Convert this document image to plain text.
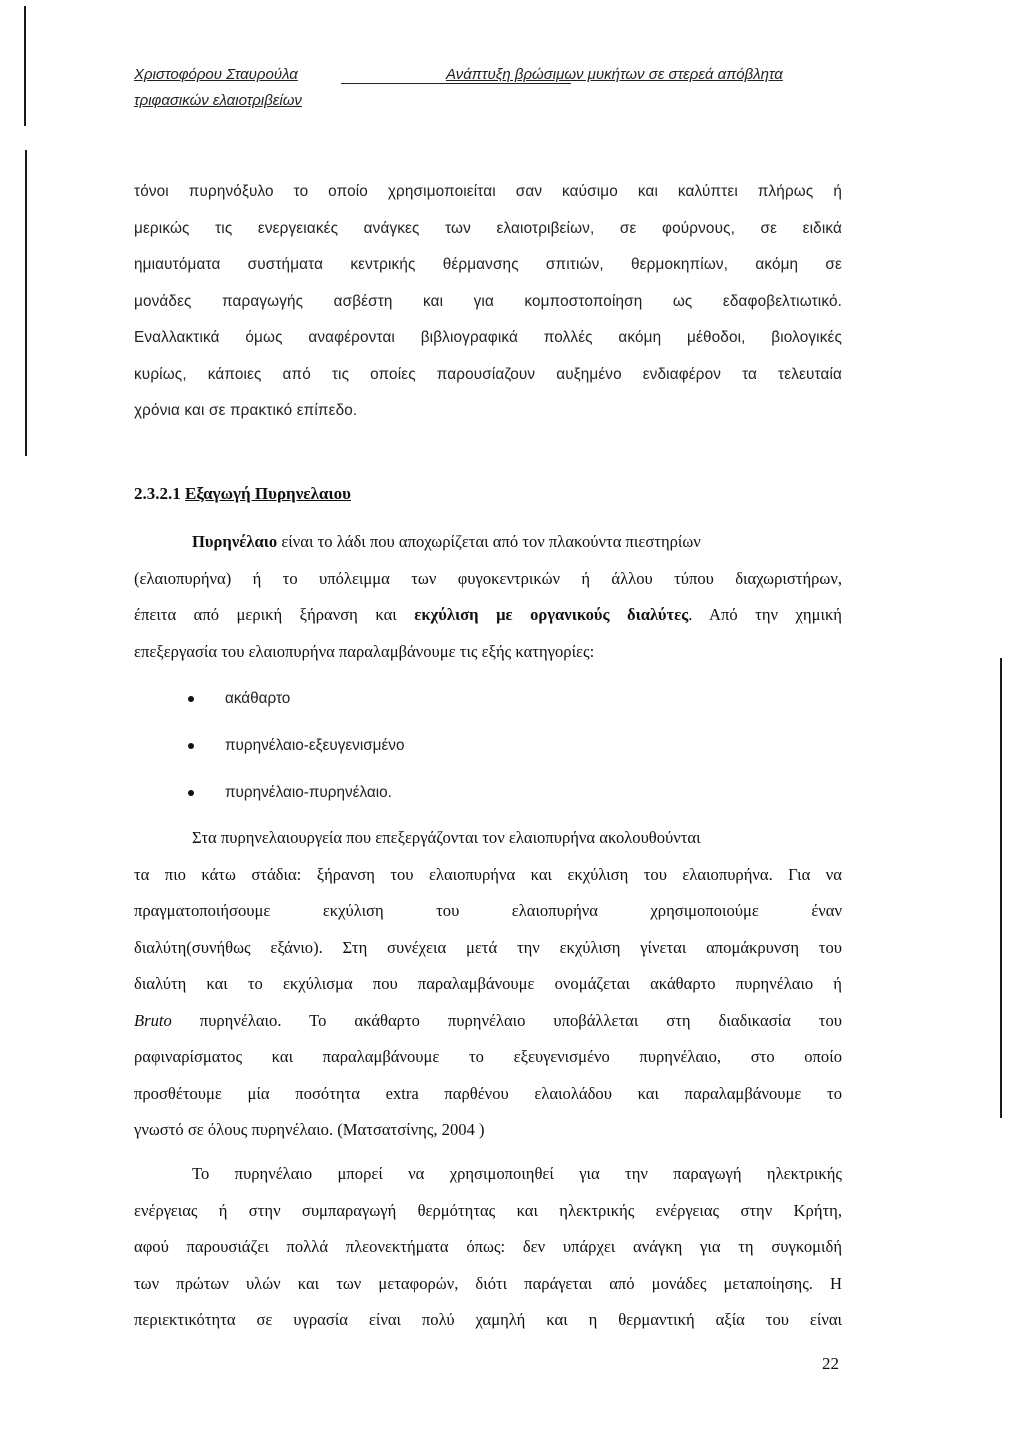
Χριστοφόρου Σταυρούλα	Ανάπτυξη βρώσιμων μυκήτων σε στερεά απόβλητα
τριφασικών ελαιοτριβείων
τόνοι πυρηνόξυλο το οποίο χρησιμοποιείται σαν καύσιμο και καλύπτει πλήρως ή
μερικώς τις ενεργειακές ανάγκες των ελαιοτριβείων, σε φούρνους, σε ειδικά
ημιαυτόματα συστήματα κεντρικής θέρμανσης σπιτιών, θερμοκηπίων, ακόμη σε
μονάδες παραγωγής ασβέστη και για κομποστοποίηση ως εδαφοβελτιωτικό.
Εναλλακτικά όμως αναφέρονται βιβλιογραφικά πολλές ακόμη μέθοδοι, βιολογικές
κυρίως, κάποιες από τις οποίες παρουσίαζουν αυξημένο ενδιαφέρον τα τελευταία
χρόνια και σε πρακτικό επίπεδο.
2.3.2.1 Εξαγωγή Πυρηνελαιου
Πυρηνέλαιο είναι το λάδι που αποχωρίζεται από τον πλακούντα πιεστηρίων
(ελαιοπυρήνα) ή το υπόλειμμα των φυγοκεντρικών ή άλλου τύπου διαχωριστήρων,
έπειτα από μερική ξήρανση και εκχύλιση με οργανικούς διαλύτες. Από την χημική
επεξεργασία του ελαιοπυρήνα παραλαμβάνουμε τις εξής κατηγορίες:
ακάθαρτο
πυρηνέλαιο-εξευγενισμένο
πυρηνέλαιο-πυρηνέλαιο.
Στα πυρηνελαιουργεία που επεξεργάζονται τον ελαιοπυρήνα ακολουθούνται
τα πιο κάτω στάδια: ξήρανση του ελαιοπυρήνα και εκχύλιση του ελαιοπυρήνα. Για να
πραγματοποιήσουμε εκχύλιση του ελαιοπυρήνα χρησιμοποιούμε έναν
διαλύτη(συνήθως εξάνιο). Στη συνέχεια μετά την εκχύλιση γίνεται απομάκρυνση του
διαλύτη και το εκχύλισμα που παραλαμβάνουμε ονομάζεται ακάθαρτο πυρηνέλαιο ή
Bruto πυρηνέλαιο. Το ακάθαρτο πυρηνέλαιο υποβάλλεται στη διαδικασία του
ραφιναρίσματος και παραλαμβάνουμε το εξευγενισμένο πυρηνέλαιο, στο οποίο
προσθέτουμε μία ποσότητα extra παρθένου ελαιολάδου και παραλαμβάνουμε το
γνωστό σε όλους πυρηνέλαιο. (Ματσατσίνης, 2004 )
Το πυρηνέλαιο μπορεί να χρησιμοποιηθεί για την παραγωγή ηλεκτρικής
ενέργειας ή στην συμπαραγωγή θερμότητας και ηλεκτρικής ενέργειας στην Κρήτη,
αφού παρουσιάζει πολλά πλεονεκτήματα όπως: δεν υπάρχει ανάγκη για τη συγκομιδή
των πρώτων υλών και των μεταφορών, διότι παράγεται από μονάδες μεταποίησης. Η
περιεκτικότητα σε υγρασία είναι πολύ χαμηλή και η θερμαντική αξία του είναι
22
